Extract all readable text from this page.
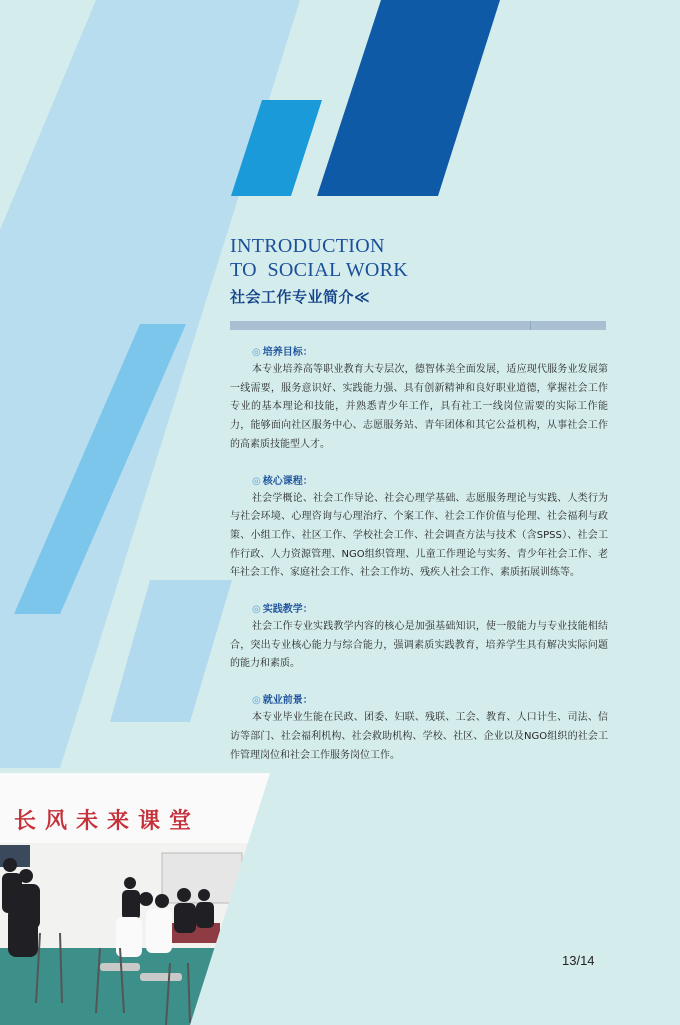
INTRODUCTION
TO  SOCIAL WORK
社会工作专业简介≪
◎ 培养目标：
本专业培养高等职业教育大专层次，德智体美全面发展，适应现代服务业发展第一线需要，服务意识好、实践能力强、具有创新精神和良好职业道德，掌握社会工作专业的基本理论和技能，并熟悉青少年工作，具有社工一线岗位需要的实际工作能力，能够面向社区服务中心、志愿服务站、青年团体和其它公益机构，从事社会工作的高素质技能型人才。
◎ 核心课程：
社会学概论、社会工作导论、社会心理学基础、志愿服务理论与实践、人类行为与社会环境、心理咨询与心理治疗、个案工作、社会工作价值与伦理、社会福利与政策、小组工作、社区工作、学校社会工作、社会调查方法与技术（含SPSS）、社会工作行政、人力资源管理、NGO组织管理、儿童工作理论与实务、青少年社会工作、老年社会工作、家庭社会工作、社会工作坊、残疾人社会工作、素质拓展训练等。
◎ 实践教学：
社会工作专业实践教学内容的核心是加强基础知识，使一般能力与专业技能相结合，突出专业核心能力与综合能力，强调素质实践教育，培养学生具有解决实际问题的能力和素质。
◎ 就业前景：
本专业毕业生能在民政、团委、妇联、残联、工会、教育、人口计生、司法、信访等部门、社会福利机构、社会救助机构、学校、社区、企业以及NGO组织的社会工作管理岗位和社会工作服务岗位工作。
长风未来课堂
13/14
